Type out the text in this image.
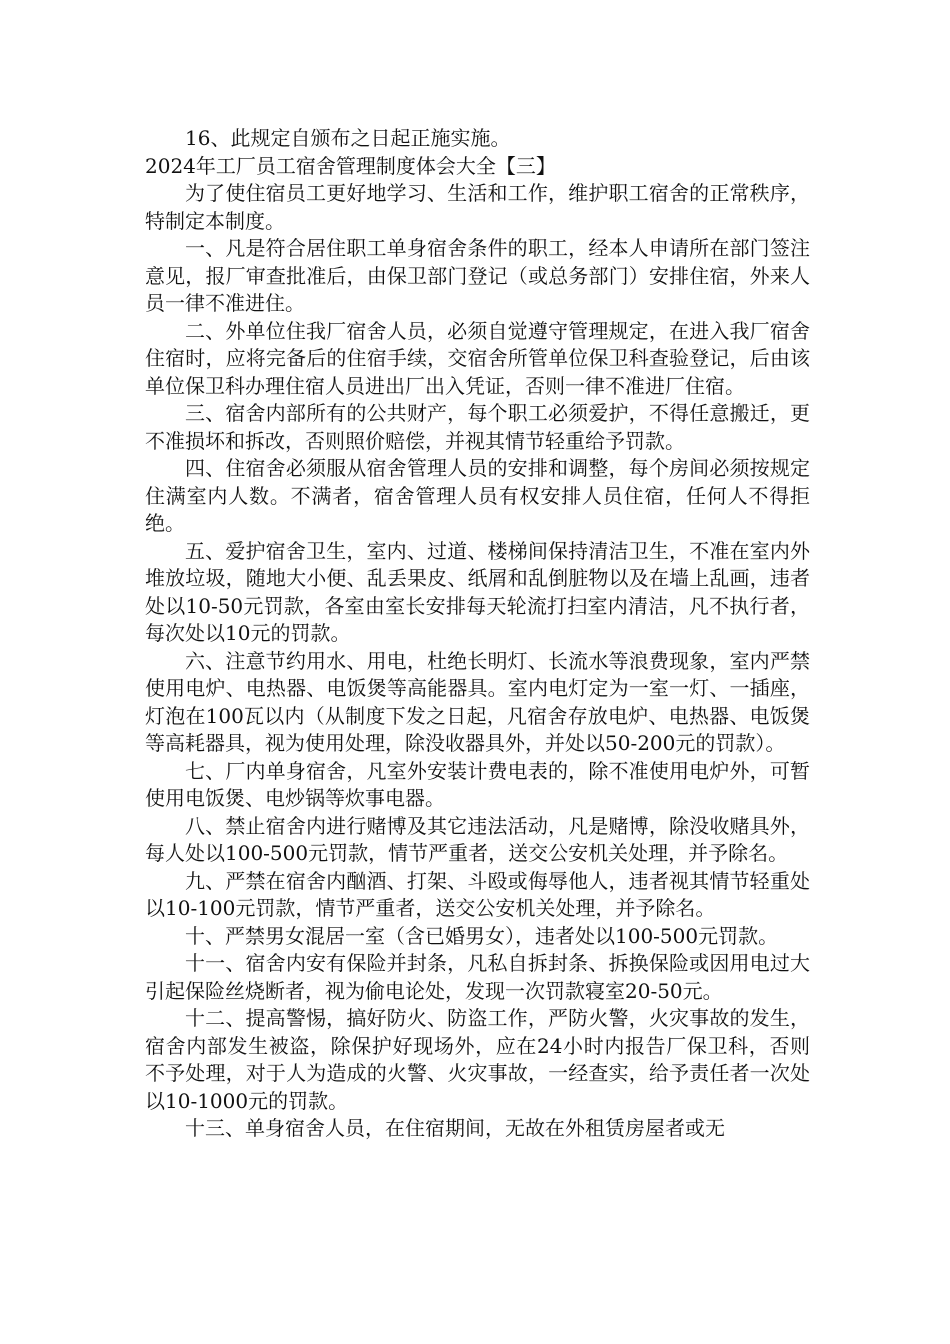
16、此规定自颁布之日起正施实施。

2024年工厂员工宿舍管理制度体会大全【三】

为了使住宿员工更好地学习、生活和工作，维护职工宿舍的正常秩序，特制定本制度。

一、凡是符合居住职工单身宿舍条件的职工，经本人申请所在部门签注意见，报厂审查批准后，由保卫部门登记（或总务部门）安排住宿，外来人员一律不准进住。

二、外单位住我厂宿舍人员，必须自觉遵守管理规定，在进入我厂宿舍住宿时，应将完备后的住宿手续，交宿舍所管单位保卫科查验登记，后由该单位保卫科办理住宿人员进出厂出入凭证，否则一律不准进厂住宿。

三、宿舍内部所有的公共财产，每个职工必须爱护，不得任意搬迁，更不准损坏和拆改，否则照价赔偿，并视其情节轻重给予罚款。

四、住宿舍必须服从宿舍管理人员的安排和调整，每个房间必须按规定住满室内人数。不满者，宿舍管理人员有权安排人员住宿，任何人不得拒绝。

五、爱护宿舍卫生，室内、过道、楼梯间保持清洁卫生，不准在室内外堆放垃圾，随地大小便、乱丢果皮、纸屑和乱倒脏物以及在墙上乱画，违者处以10-50元罚款，各室由室长安排每天轮流打扫室内清洁，凡不执行者，每次处以10元的罚款。

六、注意节约用水、用电，杜绝长明灯、长流水等浪费现象，室内严禁使用电炉、电热器、电饭煲等高能器具。室内电灯定为一室一灯、一插座，灯泡在100瓦以内（从制度下发之日起，凡宿舍存放电炉、电热器、电饭煲等高耗器具，视为使用处理，除没收器具外，并处以50-200元的罚款）。

七、厂内单身宿舍，凡室外安装计费电表的，除不准使用电炉外，可暂使用电饭煲、电炒锅等炊事电器。

八、禁止宿舍内进行赌博及其它违法活动，凡是赌博，除没收赌具外，每人处以100-500元罚款，情节严重者，送交公安机关处理，并予除名。

九、严禁在宿舍内酗酒、打架、斗殴或侮辱他人，违者视其情节轻重处以10-100元罚款，情节严重者，送交公安机关处理，并予除名。

十、严禁男女混居一室（含已婚男女），违者处以100-500元罚款。

十一、宿舍内安有保险并封条，凡私自拆封条、拆换保险或因用电过大引起保险丝烧断者，视为偷电论处，发现一次罚款寝室20-50元。

十二、提高警惕，搞好防火、防盗工作，严防火警，火灾事故的发生，宿舍内部发生被盗，除保护好现场外，应在24小时内报告厂保卫科，否则不予处理，对于人为造成的火警、火灾事故，一经查实，给予责任者一次处以10-1000元的罚款。

十三、单身宿舍人员，在住宿期间，无故在外租赁房屋者或无
